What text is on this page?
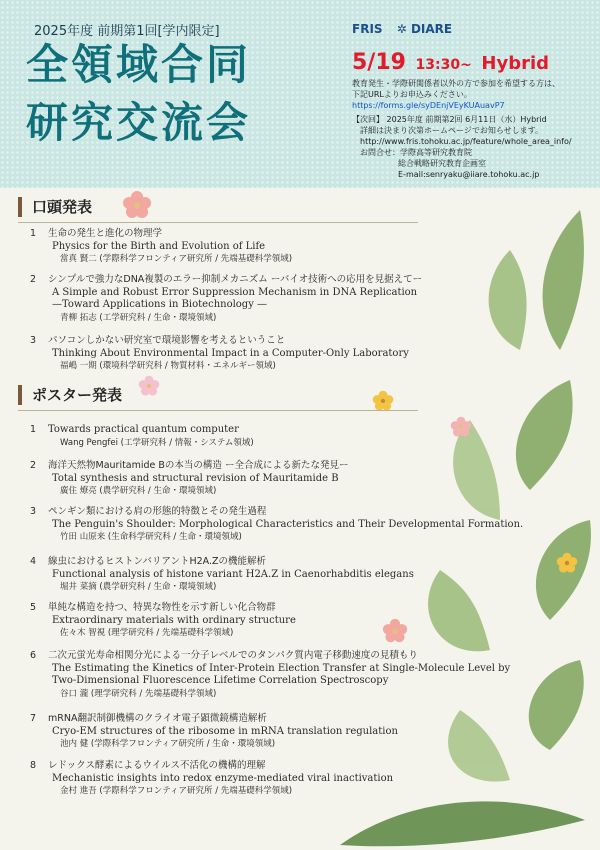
2025年度 前期第1回[学内限定]
全領域合同
研究交流会
FRIS ✲ DIARE
5/19 13:30~ Hybrid
教育発生・学際研関係者以外の方で参加を希望する方は、
下記URLよりお申込みください。
https://forms.gle/syDEnjVEyKUAuavP7
【次回】 2025年度 前期第2回 6月11日（水）Hybrid
詳細は決まり次第ホームページでお知らせします。
http://www.fris.tohoku.ac.jp/feature/whole_area_info/
お問合せ：学際高等研究教育院
総合戦略研究教育企画室
E-mail:senryaku@iiare.tohoku.ac.jp
口頭発表
1	生命の発生と進化の物理学
Physics for the Birth and Evolution of Life
當真 賢二 (学際科学フロンティア研究所 / 先端基礎科学領域)
2	シンプルで強力なDNA複製のエラー抑制メカニズム ーバイオ技術への応用を見据えてー
A Simple and Robust Error Suppression Mechanism in DNA Replication
—Toward Applications in Biotechnology —
青柳 拓志 (工学研究科 / 生命・環境領域)
3	パソコンしかない研究室で環境影響を考えるということ
Thinking About Environmental Impact in a Computer-Only Laboratory
福嶋 一期 (環境科学研究科 / 物質材料・エネルギー領域)
ポスター発表
1	Towards practical quantum computer
Wang Pengfei (工学研究科 / 情報・システム領域)
2	海洋天然物Mauritamide Bの本当の構造 ー全合成による新たな発見ー
Total synthesis and structural revision of Mauritamide B
廣住 燎亮 (農学研究科 / 生命・環境領域)
3	ペンギン類における肩の形態的特徴とその発生過程
The Penguin's Shoulder: Morphological Characteristics and Their Developmental Formation.
竹田 山原来 (生命科学研究科 / 生命・環境領域)
4	線虫におけるヒストンバリアントH2A.Zの機能解析
Functional analysis of histone variant H2A.Z in Caenorhabditis elegans
堀井 菜摘 (農学研究科 / 生命・環境領域)
5	単純な構造を持つ、特異な物性を示す新しい化合物群
Extraordinary materials with ordinary structure
佐々木 智視 (理学研究科 / 先端基礎科学領域)
6	二次元蛍光寿命相関分光による一分子レベルでのタンパク質内電子移動速度の見積もり
The Estimating the Kinetics of Inter-Protein Election Transfer at Single-Molecule Level by
Two-Dimensional Fluorescence Lifetime Correlation Spectroscopy
谷口 瀧 (理学研究科 / 先端基礎科学領域)
7	mRNA翻訳制御機構のクライオ電子顕微鏡構造解析
Cryo-EM structures of the ribosome in mRNA translation regulation
池内 健 (学際科学フロンティア研究所 / 生命・環境領域)
8	レドックス酵素によるウイルス不活化の機構的理解
Mechanistic insights into redox enzyme-mediated viral inactivation
金村 進吾 (学際科学フロンティア研究所 / 先端基礎科学領域)
